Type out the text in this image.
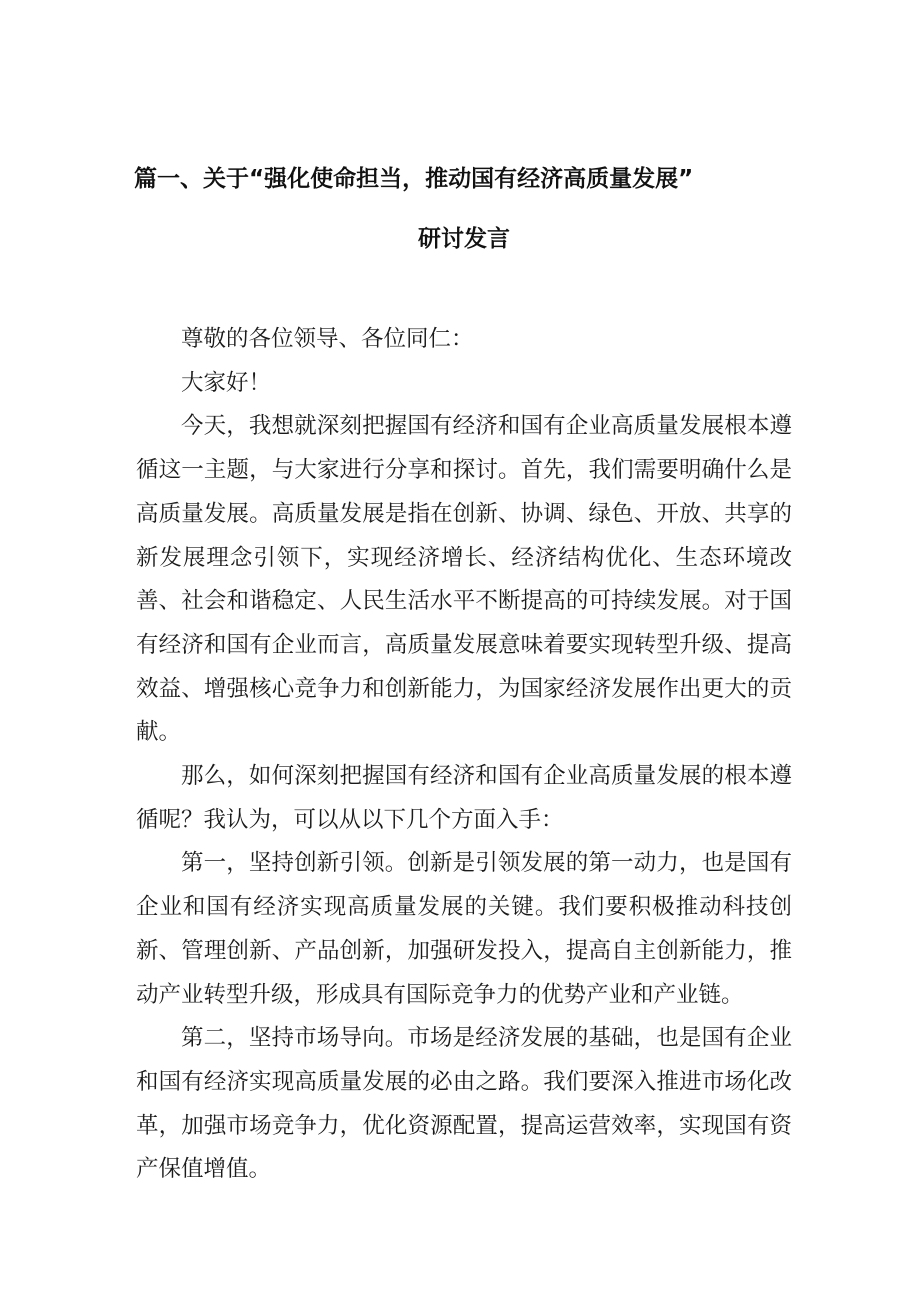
篇一、关于“强化使命担当，推动国有经济高质量发展”
研讨发言

尊敬的各位领导、各位同仁：

大家好！

今天，我想就深刻把握国有经济和国有企业高质量发展根本遵循这一主题，与大家进行分享和探讨。首先，我们需要明确什么是高质量发展。高质量发展是指在创新、协调、绿色、开放、共享的新发展理念引领下，实现经济增长、经济结构优化、生态环境改善、社会和谐稳定、人民生活水平不断提高的可持续发展。对于国有经济和国有企业而言，高质量发展意味着要实现转型升级、提高效益、增强核心竞争力和创新能力，为国家经济发展作出更大的贡献。

那么，如何深刻把握国有经济和国有企业高质量发展的根本遵循呢？我认为，可以从以下几个方面入手：

第一，坚持创新引领。创新是引领发展的第一动力，也是国有企业和国有经济实现高质量发展的关键。我们要积极推动科技创新、管理创新、产品创新，加强研发投入，提高自主创新能力，推动产业转型升级，形成具有国际竞争力的优势产业和产业链。

第二，坚持市场导向。市场是经济发展的基础，也是国有企业和国有经济实现高质量发展的必由之路。我们要深入推进市场化改革，加强市场竞争力，优化资源配置，提高运营效率，实现国有资产保值增值。
